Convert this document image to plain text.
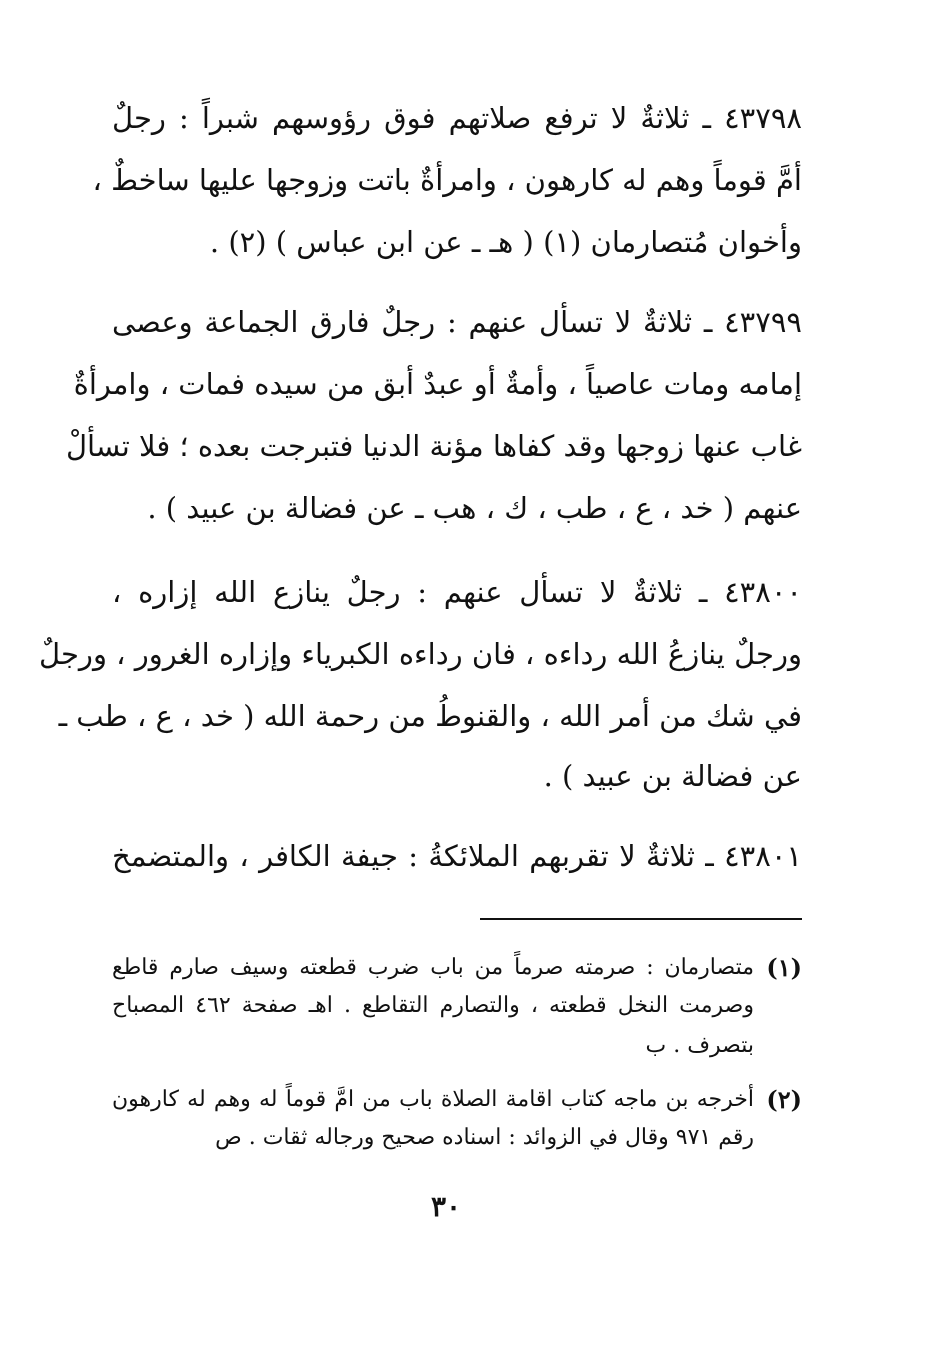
٤٣٧٩٨ ـ ثلاثةٌ لا ترفع صلاتهم فوق رؤوسهم شبراً : رجلٌ
أمَّ قوماً وهم له كارهون ، وامرأةٌ باتت وزوجها عليها ساخطٌ ،
وأخوان مُتصارمان (١) ( هـ ـ عن ابن عباس ) (٢) .
٤٣٧٩٩ ـ ثلاثةٌ لا تسأل عنهم : رجلٌ فارق الجماعة وعصى
إمامه ومات عاصياً ، وأمةٌ أو عبدٌ أبق من سيده فمات ، وامرأةٌ
غاب عنها زوجها وقد كفاها مؤنة الدنيا فتبرجت بعده ؛ فلا تسألْ
عنهم ( خد ، ع ، طب ، ك ، هب ـ عن فضالة بن عبيد ) .
٤٣٨٠٠ ـ ثلاثةٌ لا تسأل عنهم : رجلٌ ينازع الله إزاره ،
ورجلٌ ينازعُ الله رداءه ، فان رداءه الكبرياء وإزاره الغرور ، ورجلٌ
في شك من أمر الله ، والقنوطُ من رحمة الله ( خد ، ع ، طب ـ
عن فضالة بن عبيد ) .
٤٣٨٠١ ـ ثلاثةٌ لا تقربهم الملائكةُ : جيفة الكافر ، والمتضمخ
(١)
متصارمان : صرمته صرماً من باب ضرب قطعته وسيف صارم قاطع
وصرمت النخل قطعته ، والتصارم التقاطع . اهـ صفحة ٤٦٢ المصباح
بتصرف . ب
(٢)
أخرجه بن ماجه كتاب اقامة الصلاة باب من امَّ قوماً له وهم له كارهون
رقم ٩٧١ وقال في الزوائد : اسناده صحيح ورجاله ثقات . ص
٣٠
